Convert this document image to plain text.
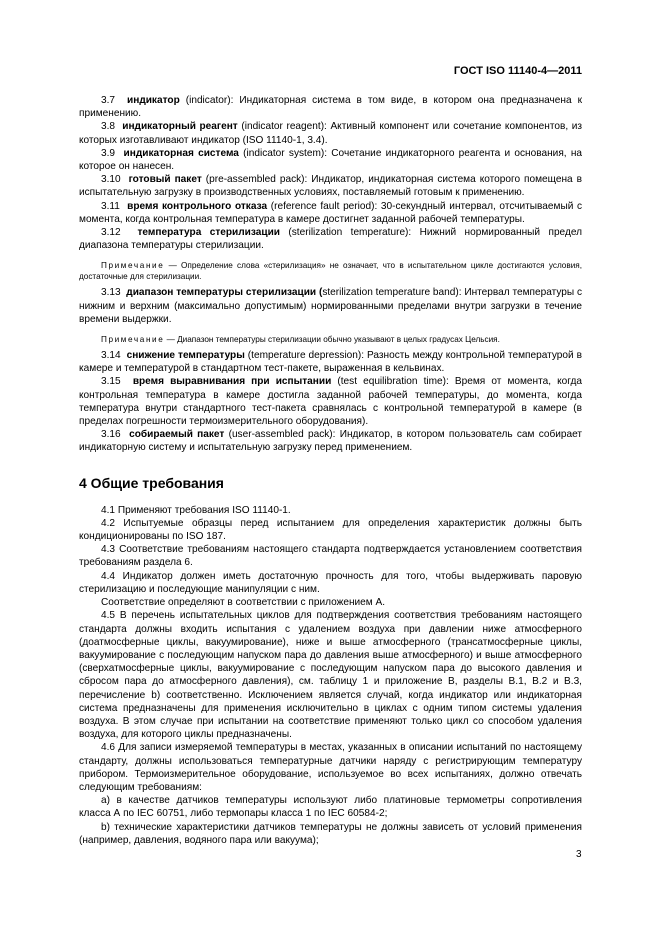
ГОСТ ISO 11140-4—2011

3.7 индикатор (indicator): Индикаторная система в том виде, в котором она предназначена к применению.

3.8 индикаторный реагент (indicator reagent): Активный компонент или сочетание компонентов, из которых изготавливают индикатор (ISO 11140-1, 3.4).

3.9 индикаторная система (indicator system): Сочетание индикаторного реагента и основания, на которое он нанесен.

3.10 готовый пакет (pre-assembled pack): Индикатор, индикаторная система которого помещена в испытательную загрузку в производственных условиях, поставляемый готовым к применению.

3.11 время контрольного отказа (reference fault period): 30-секундный интервал, отсчитываемый с момента, когда контрольная температура в камере достигнет заданной рабочей температуры.

3.12 температура стерилизации (sterilization temperature): Нижний нормированный предел диапазона температуры стерилизации.

Примечание — Определение слова «стерилизация» не означает, что в испытательном цикле достигаются условия, достаточные для стерилизации.

3.13 диапазон температуры стерилизации (sterilization temperature band): Интервал температуры с нижним и верхним (максимально допустимым) нормированными пределами внутри загрузки в течение времени выдержки.

Примечание — Диапазон температуры стерилизации обычно указывают в целых градусах Цельсия.

3.14 снижение температуры (temperature depression): Разность между контрольной температурой в камере и температурой в стандартном тест-пакете, выраженная в кельвинах.

3.15 время выравнивания при испытании (test equilibration time): Время от момента, когда контрольная температура в камере достигла заданной рабочей температуры, до момента, когда температура внутри стандартного тест-пакета сравнялась с контрольной температурой в камере (в пределах погрешности термоизмерительного оборудования).

3.16 собираемый пакет (user-assembled pack): Индикатор, в котором пользователь сам собирает индикаторную систему и испытательную загрузку перед применением.

4 Общие требования

4.1 Применяют требования ISO 11140-1.

4.2 Испытуемые образцы перед испытанием для определения характеристик должны быть кондиционированы по ISO 187.

4.3 Соответствие требованиям настоящего стандарта подтверждается установлением соответствия требованиям раздела 6.

4.4 Индикатор должен иметь достаточную прочность для того, чтобы выдерживать паровую стерилизацию и последующие манипуляции с ним.

Соответствие определяют в соответствии с приложением А.

4.5 В перечень испытательных циклов для подтверждения соответствия требованиям настоящего стандарта должны входить испытания с удалением воздуха при давлении ниже атмосферного (доатмосферные циклы, вакуумирование), ниже и выше атмосферного (трансатмосферные циклы, вакуумирование с последующим напуском пара до давления выше атмосферного) и выше атмосферного (сверхатмосферные циклы, вакуумирование с последующим напуском пара до высокого давления и сбросом пара до атмосферного давления), см. таблицу 1 и приложение В, разделы В.1, В.2 и В.3, перечисление b) соответственно. Исключением является случай, когда индикатор или индикаторная система предназначены для применения исключительно в циклах с одним типом системы удаления воздуха. В этом случае при испытании на соответствие применяют только цикл со способом удаления воздуха, для которого циклы предназначены.

4.6 Для записи измеряемой температуры в местах, указанных в описании испытаний по настоящему стандарту, должны использоваться температурные датчики наряду с регистрирующим температуру прибором. Термоизмерительное оборудование, используемое во всех испытаниях, должно отвечать следующим требованиям:

а) в качестве датчиков температуры используют либо платиновые термометры сопротивления класса А по IEC 60751, либо термопары класса 1 по IEC 60584-2;

b) технические характеристики датчиков температуры не должны зависеть от условий применения (например, давления, водяного пара или вакуума);

3
